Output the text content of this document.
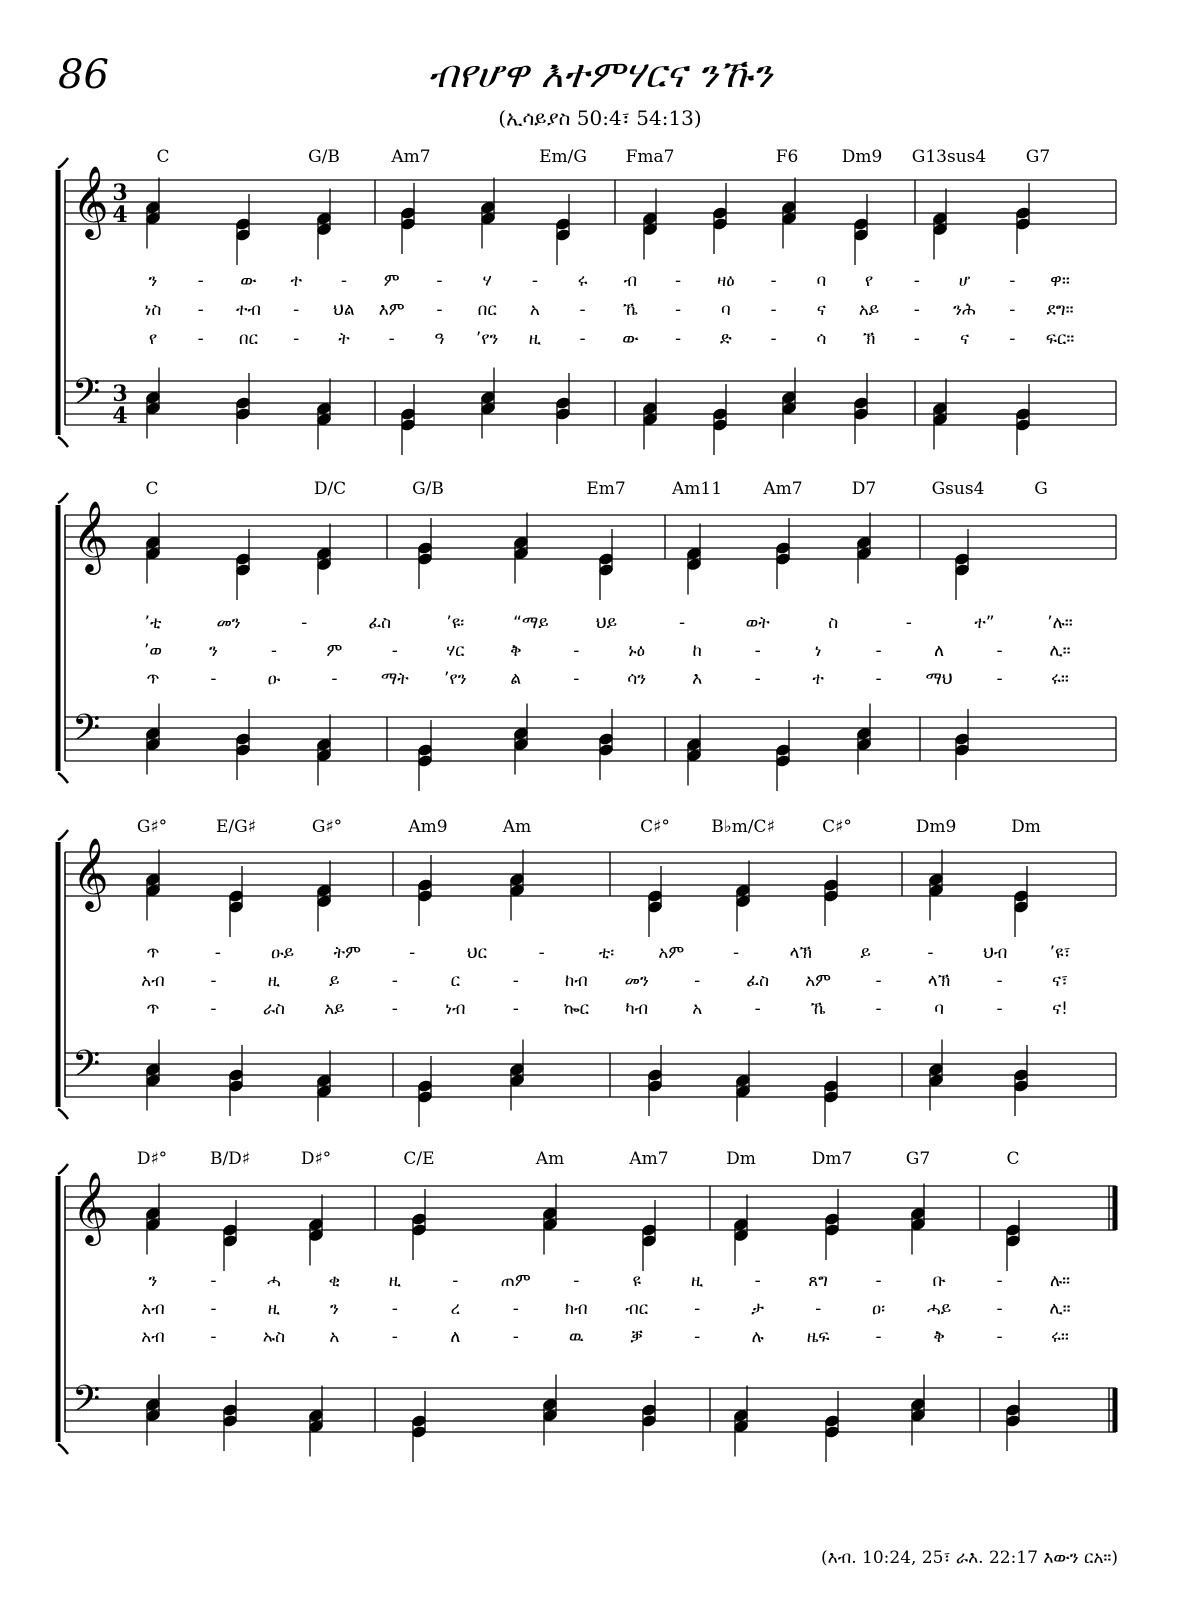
86	ብየሆዋ እተምሃርና ንኹን
(ኢሳይያስ 50:4፣ 54:13)
𝄞
𝄢
3
4
3
4
C	G/B	Am7	Em/G Fma7	F6	Dm9 G13sus4 G7
ን - ው ተ - ም - ሃ - ሩ ብ - ዛዕ - ባ የ - ሆ - ዋ።
ነስ - ተብ - ህል እም - በር አ - ኼ - ባ - ና አይ - ንሕ - ደግ።
የ - በር - ት - ዓ ’የን ዚ - ው - ድ - ሳ ኽ - ና - ፍር።
𝄞
𝄢
C	D/C	G/B	Em7	Am11 Am7	D7	Gsus4	G
’ቲ	መን	-	ፈስ	’ዩ፡	“ማይ	ህይ	-	ወት	ስ	-	ተ”	’ሉ።
’ወ	ን	-	ም	-	ሃር	ቅ	-	ኑዕ	ከ	-	ነ	-	ለ	-	ሊ።
ጥ	-	ዑ	-	ማት ’የን	ል	-	ሳን	እ	-	ተ	-	ማህ	-	ሩ።
𝄞
𝄢
G♯°	E/G♯	G♯°	Am9	Am	C♯° B♭m/C♯	C♯°	Dm9	Dm
ጥ	-	ዑይ ትም	-	ህር	-	ቲ፡	አም	-	ላኽ	ይ	-	ህብ ’ዩ፣
አብ	-	ዚ	ይ	-	ር	-	ከብ መን	-	ፈስ አም	-	ላኽ	-	ና፣
ጥ	-	ራስ አይ	-	ነብ	-	ኰር ካብ	አ	-	ኼ	-	ባ	-	ና!
𝄞
𝄢
D♯°	B/D♯	D♯°	C/E	Am	Am7	Dm	Dm7	G7	C
ን	-	ሓ	ቂ	ዚ	- ጠም -	ዩ	ዚ	-	ጸግ	-	ቡ	-	ሉ።
አብ	-	ዚ	ን	-	ረ	-	ክብ ብር	-	ታ	-	ዐ፡ ሓይ	-	ሊ።
አብ	-	ኡስ	አ	-	ለ	-	ዉ	ቓ	-	ሉ	ዜፍ	-	ቅ	-	ሩ።
(እብ. 10:24, 25፣ ራእ. 22:17 እውን ርአ።)
